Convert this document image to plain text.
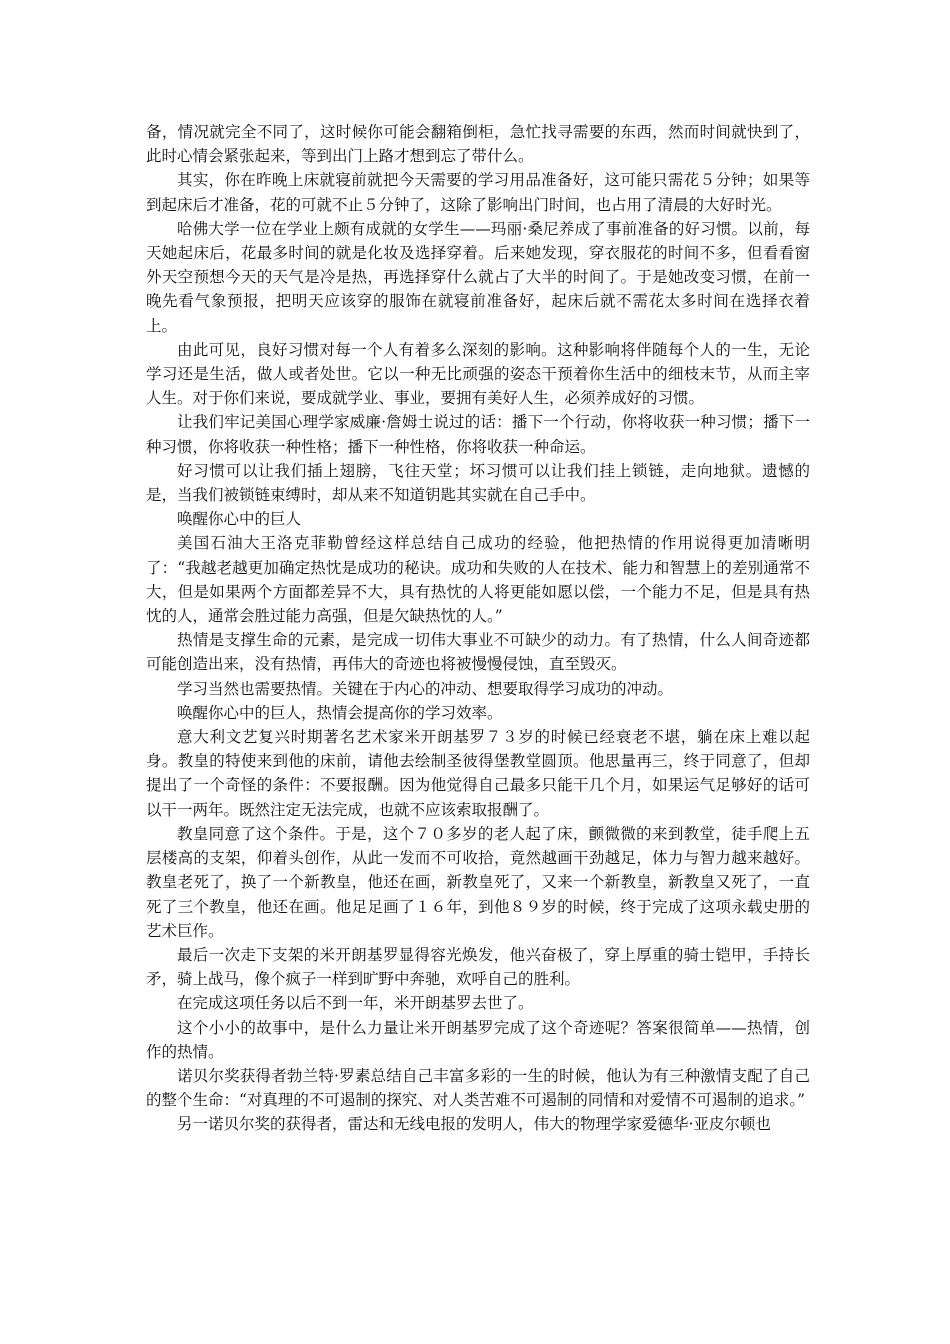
备，情况就完全不同了，这时候你可能会翻箱倒柜，急忙找寻需要的东西，然而时间就快到了，此时心情会紧张起来，等到出门上路才想到忘了带什么。

其实，你在昨晚上床就寝前就把今天需要的学习用品准备好，这可能只需花５分钟；如果等到起床后才准备，花的可就不止５分钟了，这除了影响出门时间，也占用了清晨的大好时光。

哈佛大学一位在学业上颇有成就的女学生——玛丽·桑尼养成了事前准备的好习惯。以前，每天她起床后，花最多时间的就是化妆及选择穿着。后来她发现，穿衣服花的时间不多，但看看窗外天空预想今天的天气是冷是热，再选择穿什么就占了大半的时间了。于是她改变习惯，在前一晚先看气象预报，把明天应该穿的服饰在就寝前准备好，起床后就不需花太多时间在选择衣着上。

由此可见，良好习惯对每一个人有着多么深刻的影响。这种影响将伴随每个人的一生，无论学习还是生活，做人或者处世。它以一种无比顽强的姿态干预着你生活中的细枝末节，从而主宰人生。对于你们来说，要成就学业、事业，要拥有美好人生，必须养成好的习惯。

让我们牢记美国心理学家威廉·詹姆士说过的话：播下一个行动，你将收获一种习惯；播下一种习惯，你将收获一种性格；播下一种性格，你将收获一种命运。

好习惯可以让我们插上翅膀，飞往天堂；坏习惯可以让我们挂上锁链，走向地狱。遗憾的是，当我们被锁链束缚时，却从来不知道钥匙其实就在自己手中。

唤醒你心中的巨人

美国石油大王洛克菲勒曾经这样总结自己成功的经验，他把热情的作用说得更加清晰明了：“我越老越更加确定热忱是成功的秘诀。成功和失败的人在技术、能力和智慧上的差别通常不大，但是如果两个方面都差异不大，具有热忱的人将更能如愿以偿，一个能力不足，但是具有热忱的人，通常会胜过能力高强，但是欠缺热忱的人。”

热情是支撑生命的元素，是完成一切伟大事业不可缺少的动力。有了热情，什么人间奇迹都可能创造出来，没有热情，再伟大的奇迹也将被慢慢侵蚀，直至毁灭。

学习当然也需要热情。关键在于内心的冲动、想要取得学习成功的冲动。

唤醒你心中的巨人，热情会提高你的学习效率。

意大利文艺复兴时期著名艺术家米开朗基罗７３岁的时候已经衰老不堪，躺在床上难以起身。教皇的特使来到他的床前，请他去绘制圣彼得堡教堂圆顶。他思量再三，终于同意了，但却提出了一个奇怪的条件：不要报酬。因为他觉得自己最多只能干几个月，如果运气足够好的话可以干一两年。既然注定无法完成，也就不应该索取报酬了。

教皇同意了这个条件。于是，这个７０多岁的老人起了床，颤微微的来到教堂，徒手爬上五层楼高的支架，仰着头创作，从此一发而不可收拾，竟然越画干劲越足，体力与智力越来越好。教皇老死了，换了一个新教皇，他还在画，新教皇死了，又来一个新教皇，新教皇又死了，一直死了三个教皇，他还在画。他足足画了１６年，到他８９岁的时候，终于完成了这项永载史册的艺术巨作。

最后一次走下支架的米开朗基罗显得容光焕发，他兴奋极了，穿上厚重的骑士铠甲，手持长矛，骑上战马，像个疯子一样到旷野中奔驰，欢呼自己的胜利。

在完成这项任务以后不到一年，米开朗基罗去世了。

这个小小的故事中，是什么力量让米开朗基罗完成了这个奇迹呢？答案很简单——热情，创作的热情。

诺贝尔奖获得者勃兰特·罗素总结自己丰富多彩的一生的时候，他认为有三种激情支配了自己的整个生命：“对真理的不可遏制的探究、对人类苦难不可遏制的同情和对爱情不可遏制的追求。”

另一诺贝尔奖的获得者，雷达和无线电报的发明人，伟大的物理学家爱德华·亚皮尔顿也
